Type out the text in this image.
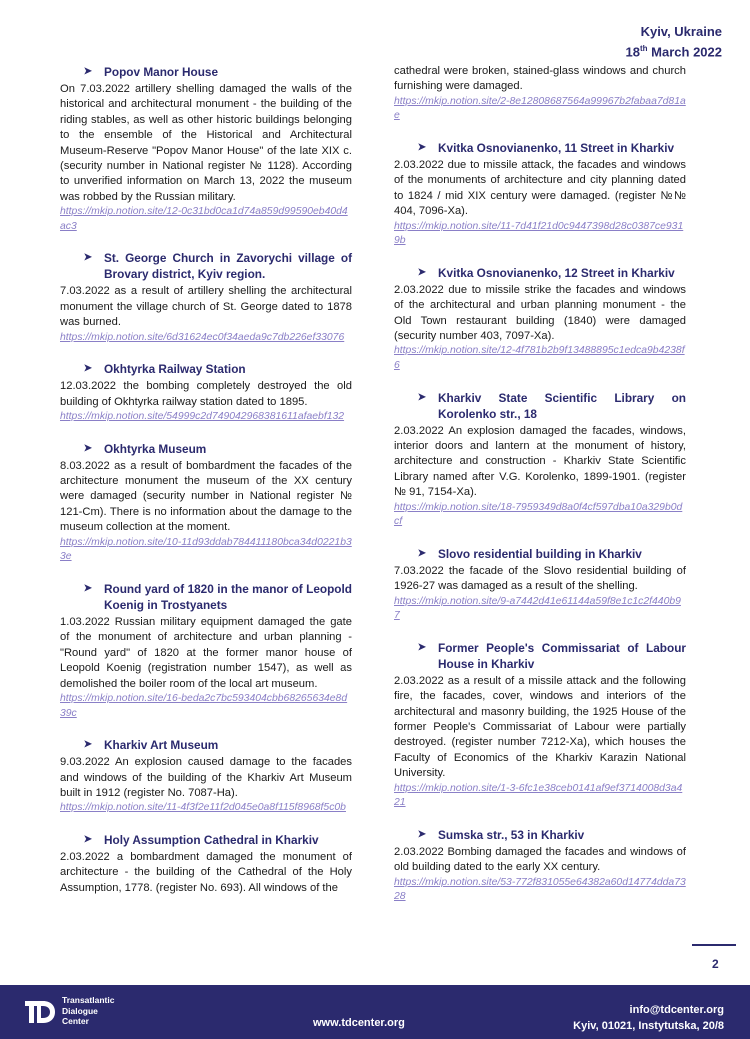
Kyiv, Ukraine
18th March 2022
➤	Popov Manor House
On 7.03.2022 artillery shelling damaged the walls of the historical and architectural monument - the building of the riding stables, as well as other historic buildings belonging to the ensemble of the Historical and Architectural Museum-Reserve "Popov Manor House" of the late XIX c. (security number in National register № 1128). According to unverified information on March 13, 2022 the museum was robbed by the Russian military.
https://mkip.notion.site/12-0c31bd0ca1d74a859d99590eb40d4ac3
➤	St. George Church in Zavorychi village of Brovary district, Kyiv region.
7.03.2022 as a result of artillery shelling the architectural monument the village church of St. George dated to 1878 was burned.
https://mkip.notion.site/6d31624ec0f34aeda9c7db226ef33076
➤	Okhtyrka Railway Station
12.03.2022 the bombing completely destroyed the old building of Okhtyrka railway station dated to 1895.
https://mkip.notion.site/54999c2d749042968381611afaebf132
➤	Okhtyrka Museum
8.03.2022 as a result of bombardment the facades of the architecture monument the museum of the XX century were damaged (security number in National register № 121-Cm). There is no information about the damage to the museum collection at the moment.
https://mkip.notion.site/10-11d93ddab784411180bca34d0221b33e
➤	Round yard of 1820 in the manor of Leopold Koenig in Trostyanets
1.03.2022 Russian military equipment damaged the gate of the monument of architecture and urban planning - "Round yard" of 1820 at the former manor house of Leopold Koenig (registration number 1547), as well as demolished the boiler room of the local art museum.
https://mkip.notion.site/16-beda2c7bc593404cbb68265634e8d39c
➤	Kharkiv Art Museum
9.03.2022 An explosion caused damage to the facades and windows of the building of the Kharkiv Art Museum built in 1912 (register No. 7087-Ha).
https://mkip.notion.site/11-4f3f2e11f2d045e0a8f115f8968f5c0b
➤	Holy Assumption Cathedral in Kharkiv
2.03.2022 a bombardment damaged the monument of architecture - the building of the Cathedral of the Holy Assumption, 1778. (register No. 693). All windows of the
cathedral were broken, stained-glass windows and church furnishing were damaged.
https://mkip.notion.site/2-8e12808687564a99967b2fabaa7d81ae
➤	Kvitka Osnovianenko, 11 Street in Kharkiv
2.03.2022 due to missile attack, the facades and windows of the monuments of architecture and city planning dated to 1824 / mid XIX century were damaged. (register №№ 404, 7096-Xa).
https://mkip.notion.site/11-7d41f21d0c9447398d28c0387ce9319b
➤	Kvitka Osnovianenko, 12 Street in Kharkiv
2.03.2022 due to missile strike the facades and windows of the architectural and urban planning monument - the Old Town restaurant building (1840) were damaged (security number 403, 7097-Xa).
https://mkip.notion.site/12-4f781b2b9f13488895c1edca9b4238f6
➤	Kharkiv State Scientific Library on Korolenko str., 18
2.03.2022 An explosion damaged the facades, windows, interior doors and lantern at the monument of history, architecture and construction - Kharkiv State Scientific Library named after V.G. Korolenko, 1899-1901. (register № 91, 7154-Xa).
https://mkip.notion.site/18-7959349d8a0f4cf597dba10a329b0dcf
➤	Slovo residential building in Kharkiv
7.03.2022 the facade of the Slovo residential building of 1926-27 was damaged as a result of the shelling.
https://mkip.notion.site/9-a7442d41e61144a59f8e1c1c2f440b97
➤	Former People's Commissariat of Labour House in Kharkiv
2.03.2022 as a result of a missile attack and the following fire, the facades, cover, windows and interiors of the architectural and masonry building, the 1925 House of the former People's Commissariat of Labour were partially destroyed. (register number 7212-Xa), which houses the Faculty of Economics of the Kharkiv Karazin National University.
https://mkip.notion.site/1-3-6fc1e38ceb0141af9ef3714008d3a421
➤	Sumska str., 53 in Kharkiv
2.03.2022 Bombing damaged the facades and windows of old building dated to the early XX century.
https://mkip.notion.site/53-772f831055e64382a60d14774dda7328
2
Transatlantic
Dialogue
Center	www.tdcenter.org
info@tdcenter.org
Kyiv, 01021, Instytutska, 20/8
